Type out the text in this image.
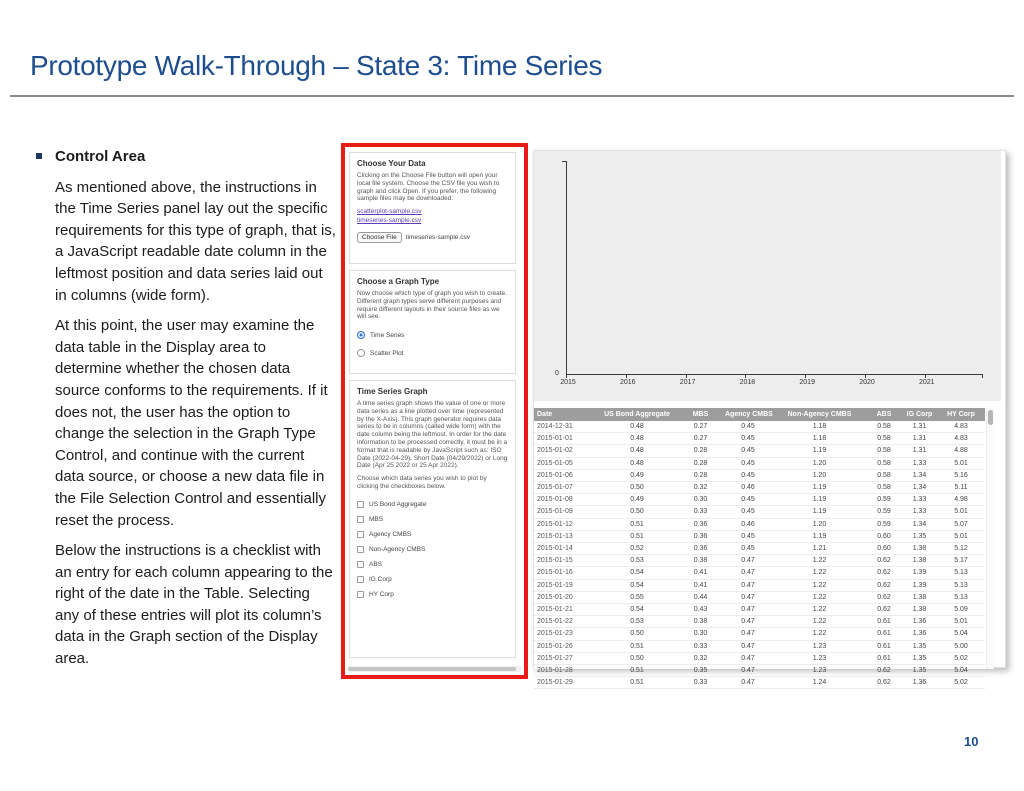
Prototype Walk-Through – State 3: Time Series
10
Control Area

As mentioned above, the instructions in the Time Series panel lay out the specific requirements for this type of graph, that is, a JavaScript readable date column in the leftmost position and data series laid out in columns (wide form).

At this point, the user may examine the data table in the Display area to determine whether the chosen data source conforms to the requirements. If it does not, the user has the option to change the selection in the Graph Type Control, and continue with the current data source, or choose a new data file in the File Selection Control and essentially reset the process.

Below the instructions is a checklist with an entry for each column appearing to the right of the date in the Table. Selecting any of these entries will plot its column’s data in the Graph section of the Display area.

Choose Your Data

Clicking on the Choose File button will open your local file system. Choose the CSV file you wish to graph and click Open. If you prefer, the following sample files may be downloaded:

scatterplot-sample.csv
timeseries-sample.csv
Choose File	timeseries-sample.csv
Choose a Graph Type

Now choose which type of graph you wish to create. Different graph types serve different purposes and require different layouts in their source files as we will see.

Time Series
Scatter Plot
Time Series Graph

A time series graph shows the value of one or more data series as a line plotted over time (represented by the X-Axis). This graph generator requires data series to be in columns (called wide form) with the date column being the leftmost. In order for the date information to be processed correctly, it must be in a format that is readable by JavaScript such as: ISO Date (2022-04-29), Short Date (04/29/2022) or Long Date (Apr 25 2022 or 25 Apr 2022).

Choose which data series you wish to plot by clicking the checkboxes below.

US Bond Aggregate
MBS
Agency CMBS
Non-Agency CMBS
ABS
IG Corp
HY Corp
0
2015	2016	2017	2018	2019	2020	2021
Date	US Bond Aggregate	MBS	Agency CMBS	Non-Agency CMBS	ABS	IG Corp	HY Corp
2014-12-31	0.48	0.27	0.45	1.18	0.58	1.31	4.83
2015-01-01	0.48	0.27	0.45	1.18	0.58	1.31	4.83
2015-01-02	0.48	0.28	0.45	1.19	0.58	1.31	4.88
2015-01-05	0.48	0.28	0.45	1.20	0.58	1.33	5.01
2015-01-06	0.49	0.28	0.45	1.20	0.58	1.34	5.16
2015-01-07	0.50	0.32	0.46	1.19	0.58	1.34	5.11
2015-01-08	0.49	0.30	0.45	1.19	0.59	1.33	4.98
2015-01-09	0.50	0.33	0.45	1.19	0.59	1.33	5.01
2015-01-12	0.51	0.36	0.46	1.20	0.59	1.34	5.07
2015-01-13	0.51	0.36	0.45	1.19	0.60	1.35	5.01
2015-01-14	0.52	0.36	0.45	1.21	0.60	1.38	5.12
2015-01-15	0.53	0.38	0.47	1.22	0.62	1.38	5.17
2015-01-16	0.54	0.41	0.47	1.22	0.62	1.39	5.13
2015-01-19	0.54	0.41	0.47	1.22	0.62	1.39	5.13
2015-01-20	0.55	0.44	0.47	1.22	0.62	1.38	5.13
2015-01-21	0.54	0.43	0.47	1.22	0.62	1.38	5.09
2015-01-22	0.53	0.38	0.47	1.22	0.61	1.36	5.01
2015-01-23	0.50	0.30	0.47	1.22	0.61	1.36	5.04
2015-01-26	0.51	0.33	0.47	1.23	0.61	1.35	5.00
2015-01-27	0.50	0.32	0.47	1.23	0.61	1.35	5.02
2015-01-28	0.51	0.35	0.47	1.23	0.62	1.35	5.04
2015-01-29	0.51	0.33	0.47	1.24	0.62	1.36	5.02
